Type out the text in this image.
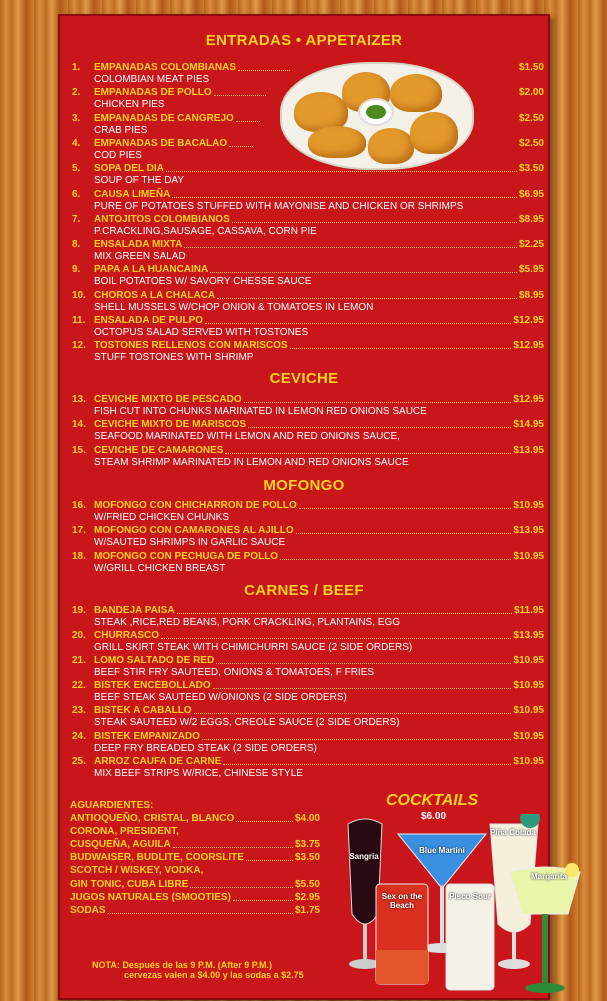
ENTRADAS • APPETAIZER
1.	EMPANADAS COLOMBIANAS	$1.50
COLOMBIAN MEAT PIES
2.	EMPANADAS DE POLLO	$2.00
CHICKEN PIES
3.	EMPANADAS DE CANGREJO	$2.50
CRAB PIES
4.	EMPANADAS DE BACALAO	$2.50
COD PIES
5.	SOPA DEL DIA	$3.50
SOUP OF THE DAY
6.	CAUSA LIMEÑA	$6.95
PURE OF POTATOES STUFFED WITH MAYONISE AND CHICKEN OR SHRIMPS
7.	ANTOJITOS COLOMBIANOS	$8.95
P.CRACKLING,SAUSAGE, CASSAVA, CORN PIE
8.	ENSALADA MIXTA	$2.25
MIX GREEN SALAD
9.	PAPA A LA HUANCAINA	$5.95
BOIL POTATOES W/ SAVORY CHESSE SAUCE
10. CHOROS A LA CHALACA	$8.95
SHELL MUSSELS W/CHOP ONION & TOMATOES IN LEMON
11. ENSALADA DE PULPO	$12.95
OCTOPUS SALAD SERVED WITH TOSTONES
12. TOSTONES RELLENOS CON MARISCOS	$12.95
STUFF TOSTONES WITH SHRIMP
CEVICHE
13. CEVICHE MIXTO DE PESCADO	$12.95
FISH CUT INTO CHUNKS MARINATED IN LEMON RED ONIONS SAUCE
14. CEVICHE MIXTO DE MARISCOS	$14.95
SEAFOOD MARINATED WITH LEMON AND RED ONIONS SAUCE,
15. CEVICHE DE CAMARONES	$13.95
STEAM SHRIMP MARINATED IN LEMON AND RED ONIONS SAUCE
MOFONGO
16. MOFONGO CON CHICHARRON DE POLLO	$10.95
W/FRIED CHICKEN CHUNKS
17. MOFONGO CON CAMARONES AL AJILLO	$13.95
W/SAUTED SHRIMPS IN GARLIC SAUCE
18. MOFONGO CON PECHUGA DE POLLO	$10.95
W/GRILL CHICKEN BREAST
CARNES / BEEF
19. BANDEJA PAISA	$11.95
STEAK ,RICE,RED BEANS, PORK CRACKLING, PLANTAINS, EGG
20. CHURRASCO	$13.95
GRILL SKIRT STEAK WITH CHIMICHURRI SAUCE (2 SIDE ORDERS)
21. LOMO SALTADO DE RED	$10.95
BEEF STIR FRY SAUTEED, ONIONS & TOMATOES, F FRIES
22. BISTEK ENCEBOLLADO	$10.95
BEEF STEAK SAUTEED W/ONIONS (2 SIDE ORDERS)
23. BISTEK A CABALLO	$10.95
STEAK SAUTEED W/2 EGGS, CREOLE SAUCE (2 SIDE ORDERS)
24. BISTEK EMPANIZADO	$10.95
DEEP FRY BREADED STEAK (2 SIDE ORDERS)
25. ARROZ CAUFA DE CARNE	$10.95
MIX BEEF STRIPS W/RICE, CHINESE STYLE
AGUARDIENTES:
ANTIOQUEÑO, CRISTAL, BLANCO	$4.00
CORONA, PRESIDENT,
CUSQUEÑA, AGUILA	$3.75
BUDWAISER, BUDLITE, COORSLITE	$3.50
SCOTCH / WISKEY, VODKA,
GIN TONIC, CUBA LIBRE	$5.50
JUGOS NATURALES (SMOOTIES)	$2.95
SODAS	$1.75
COCKTAILS
$6.00
Sangria
Blue Martini
Piña Colada
Margarita
Sex on the Beach
Pisco Sour
NOTA: Después de las 9 P.M. (After 9 P.M.)
cervezas valen a $4.00 y las sodas a $2.75
